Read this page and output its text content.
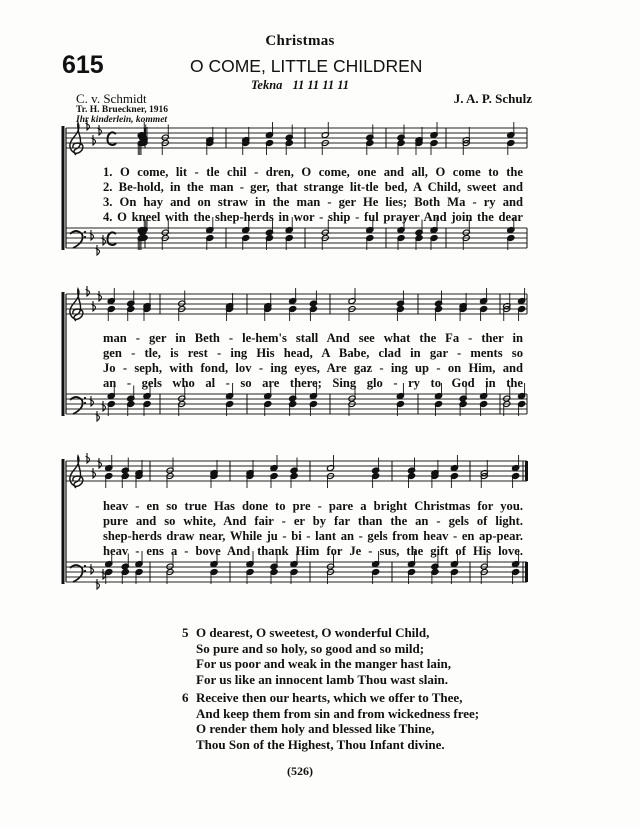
Christmas
615	O COME, LITTLE CHILDREN
Tekna 11 11 11 11
C. v. Schmidt
Tr. H. Brueckner, 1916
Ihr kinderlein, kommet
J. A. P. Schulz
1. O come, lit - tle chil - dren, O come, one and all, O come to the
2. Be-hold, in the man - ger, that strange lit-tle bed, A Child, sweet and
3. On hay and on straw in the man - ger He lies; Both Ma - ry and
4. O kneel with the shep-herds in wor - ship - ful prayer And join the dear
man - ger in Beth - le-hem's stall And see what the Fa - ther in
gen - tle, is rest - ing His head, A Babe, clad in gar - ments so
Jo - seph, with fond, lov - ing eyes, Are gaz - ing up - on Him, and
an - gels who al - so are there; Sing glo - ry to God in the
heav - en so true Has done to pre - pare a bright Christmas for you.
pure and so white, And fair - er by far than the an - gels of light.
shep-herds draw near, While ju - bi - lant an - gels from heav - en ap-pear.
heav - ens a - bove And thank Him for Je - sus, the gift of His love.
5 O dearest, O sweetest, O wonderful Child,
So pure and so holy, so good and so mild;
For us poor and weak in the manger hast lain,
For us like an innocent lamb Thou wast slain.
6 Receive then our hearts, which we offer to Thee,
And keep them from sin and from wickedness free;
O render them holy and blessed like Thine,
Thou Son of the Highest, Thou Infant divine.
(526)
